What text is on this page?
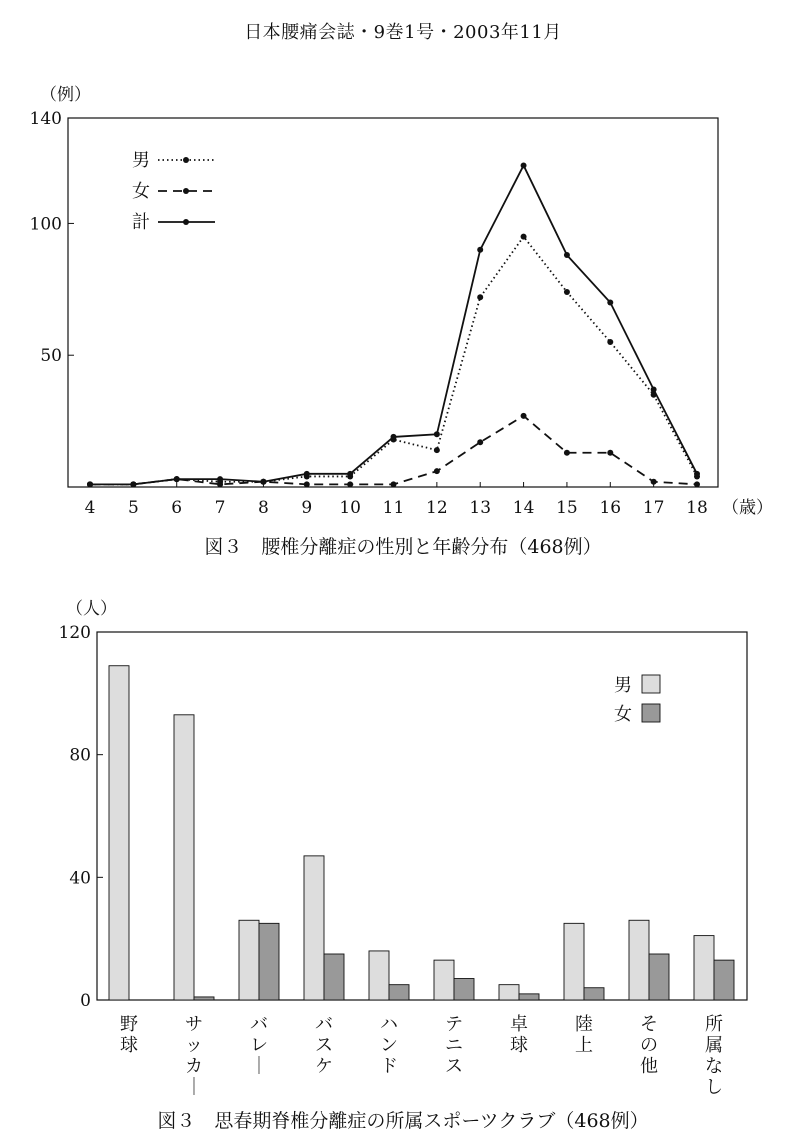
日本腰痛会誌・9巻1号・2003年11月
（例）
（歳）
140
100
50
4 5 6 7 8 9 10 11 12 13 14 15 16 17 18
男
女
計
図３　腰椎分離症の性別と年齢分布（468例）
（人）
120
80
40
0
野球
サッカ｜
バレ｜
バスケ
ハンド
テニス
卓球
陸上
その他
所属なし
男
女
図３　思春期脊椎分離症の所属スポーツクラブ（468例）
